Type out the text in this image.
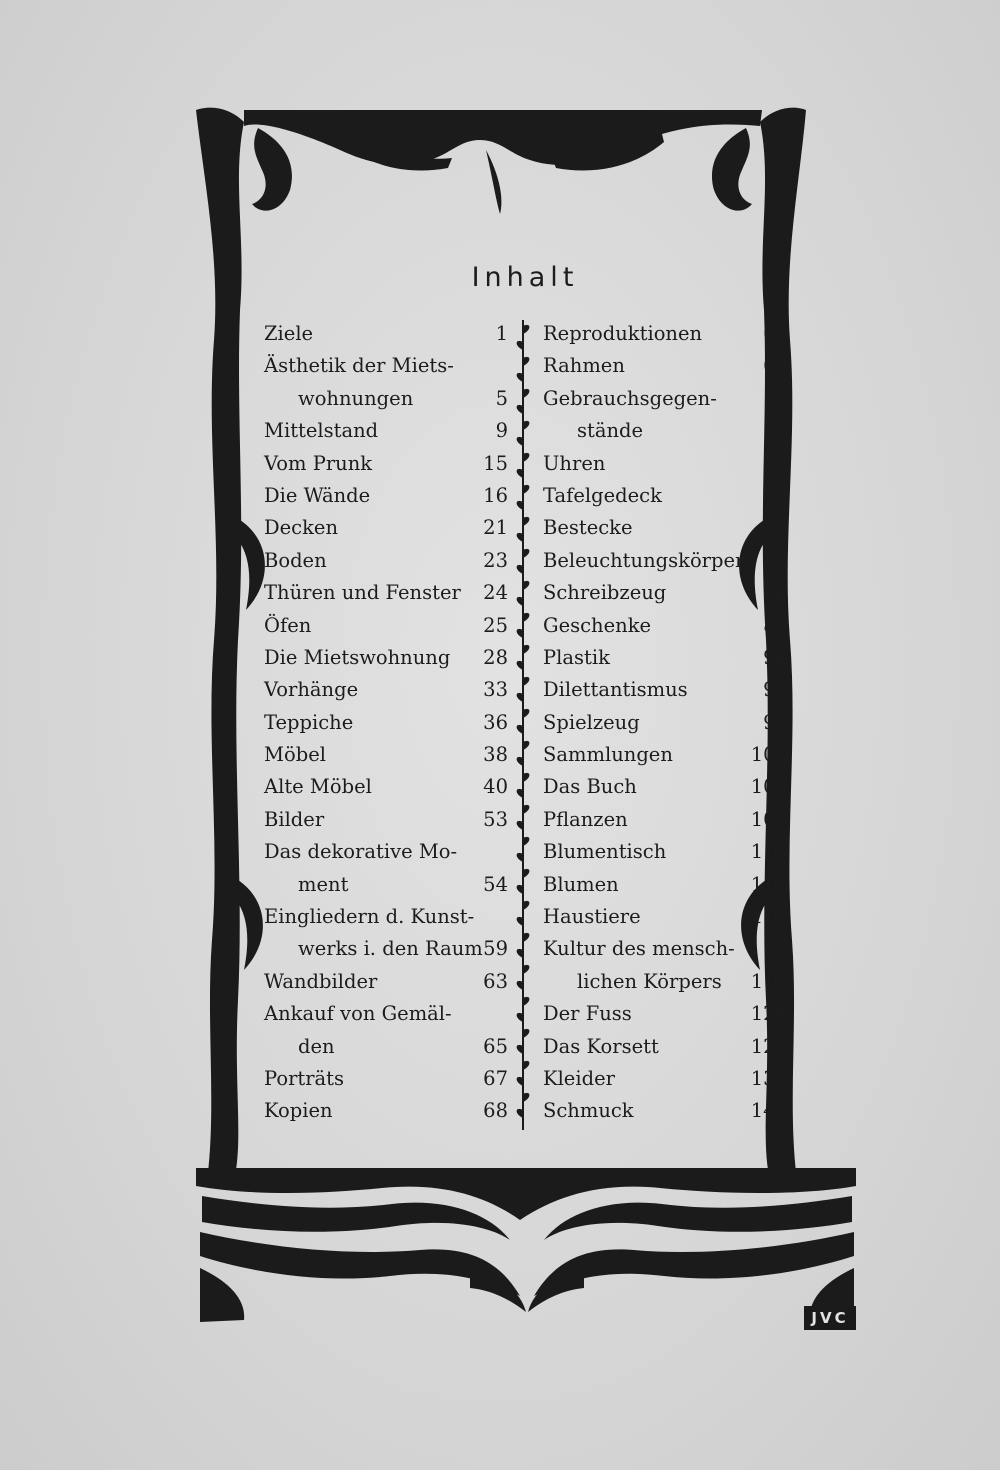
Inhalt
Ziele	1
Ästhetik der Miets-
wohnungen	5
Mittelstand	9
Vom Prunk	15
Die Wände	16
Decken	21
Boden	23
Thüren und Fenster 24
Öfen	25
Die Mietswohnung 28
Vorhänge	33
Teppiche	36
Möbel	38
Alte Möbel	40
Bilder	53
Das dekorative Mo-
ment	54
Eingliedern d. Kunst-
werks i. den Raum 59
Wandbilder	63
Ankauf von Gemäl-
den	65
Porträts	67
Kopien	68
Reproduktionen	69
Rahmen	69
Gebrauchsgegen-
stände	75
Uhren	75
Tafelgedeck	78
Bestecke	79
Beleuchtungskörper 81
Schreibzeug	84
Geschenke	86
Plastik	94
Dilettantismus	96
Spielzeug	99
Sammlungen	101
Das Buch	105
Pflanzen	109
Blumentisch	110
Blumen	111
Haustiere	115
Kultur des mensch-
lichen Körpers 118
Der Fuss	124
Das Korsett	129
Kleider	135
Schmuck	140
JVC
